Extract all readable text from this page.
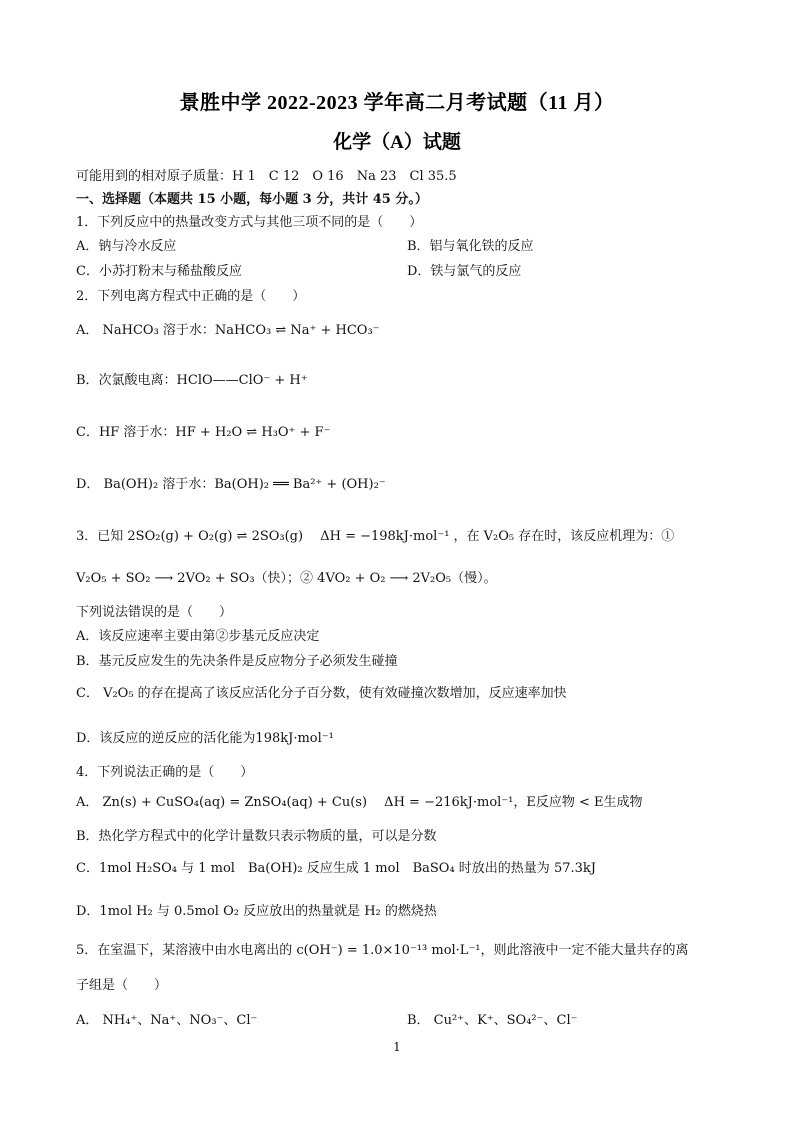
景胜中学 2022-2023 学年高二月考试题（11 月）
化学（A）试题
可能用到的相对原子质量：H 1　C 12　O 16　Na 23　Cl 35.5
一、选择题（本题共 15 小题，每小题 3 分，共计 45 分。）
1．下列反应中的热量改变方式与其他三项不同的是（　　）
A．钠与冷水反应	B．铝与氧化铁的反应
C．小苏打粉末与稀盐酸反应	D．铁与氯气的反应
2．下列电离方程式中正确的是（　　）
A． NaHCO₃ 溶于水：NaHCO₃ ⇌ Na⁺ + HCO₃⁻
B．次氯酸电离：HClO——ClO⁻ + H⁺
C．HF 溶于水：HF + H₂O ⇌ H₃O⁺ + F⁻
D． Ba(OH)₂ 溶于水：Ba(OH)₂ ══ Ba²⁺ + (OH)₂⁻
3．已知 2SO₂(g) + O₂(g) ⇌ 2SO₃(g)　 ΔH = −198kJ·mol⁻¹ ，在 V₂O₅ 存在时，该反应机理为：①
V₂O₅ + SO₂ ⟶ 2VO₂ + SO₃（快）；② 4VO₂ + O₂ ⟶ 2V₂O₅（慢）。
下列说法错误的是（　　）
A．该反应速率主要由第②步基元反应决定
B．基元反应发生的先决条件是反应物分子必须发生碰撞
C． V₂O₅ 的存在提高了该反应活化分子百分数，使有效碰撞次数增加，反应速率加快
D．该反应的逆反应的活化能为198kJ·mol⁻¹
4．下列说法正确的是（　　）
A． Zn(s) + CuSO₄(aq) = ZnSO₄(aq) + Cu(s)　 ΔH = −216kJ·mol⁻¹，E反应物 < E生成物
B．热化学方程式中的化学计量数只表示物质的量，可以是分数
C．1mol H₂SO₄ 与 1 mol　Ba(OH)₂ 反应生成 1 mol　BaSO₄ 时放出的热量为 57.3kJ
D．1mol H₂ 与 0.5mol O₂ 反应放出的热量就是 H₂ 的燃烧热
5．在室温下，某溶液中由水电离出的 c(OH⁻) = 1.0×10⁻¹³ mol·L⁻¹，则此溶液中一定不能大量共存的离
子组是（　　）
A． NH₄⁺、Na⁺、NO₃⁻、Cl⁻	B． Cu²⁺、K⁺、SO₄²⁻、Cl⁻
1
